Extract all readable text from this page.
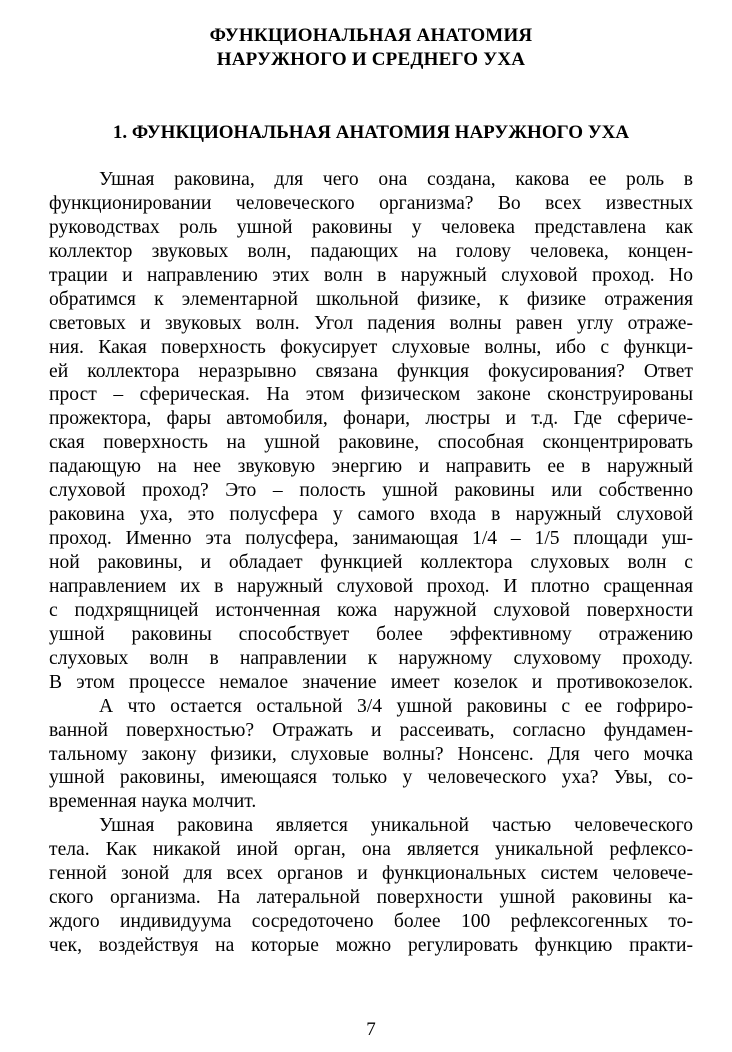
ФУНКЦИОНАЛЬНАЯ АНАТОМИЯ
НАРУЖНОГО И СРЕДНЕГО УХА
1. ФУНКЦИОНАЛЬНАЯ АНАТОМИЯ НАРУЖНОГО УХА
Ушная раковина, для чего она создана, какова ее роль в
функционировании человеческого организма? Во всех известных
руководствах роль ушной раковины у человека представлена как
коллектор звуковых волн, падающих на голову человека, концен-
трации и направлению этих волн в наружный слуховой проход. Но
обратимся к элементарной школьной физике, к физике отражения
световых и звуковых волн. Угол падения волны равен углу отраже-
ния. Какая поверхность фокусирует слуховые волны, ибо с функци-
ей коллектора неразрывно связана функция фокусирования? Ответ
прост – сферическая. На этом физическом законе сконструированы
прожектора, фары автомобиля, фонари, люстры и т.д. Где сфериче-
ская поверхность на ушной раковине, способная сконцентрировать
падающую на нее звуковую энергию и направить ее в наружный
слуховой проход? Это – полость ушной раковины или собственно
раковина уха, это полусфера у самого входа в наружный слуховой
проход. Именно эта полусфера, занимающая 1/4 – 1/5 площади уш-
ной раковины, и обладает функцией коллектора слуховых волн с
направлением их в наружный слуховой проход. И плотно сращенная
с подхрящницей истонченная кожа наружной слуховой поверхности
ушной раковины способствует более эффективному отражению
слуховых волн в направлении к наружному слуховому проходу.
В этом процессе немалое значение имеет козелок и противокозелок.
А что остается остальной 3/4 ушной раковины с ее гофриро-
ванной поверхностью? Отражать и рассеивать, согласно фундамен-
тальному закону физики, слуховые волны? Нонсенс. Для чего мочка
ушной раковины, имеющаяся только у человеческого уха? Увы, со-
временная наука молчит.
Ушная раковина является уникальной частью человеческого
тела. Как никакой иной орган, она является уникальной рефлексо-
генной зоной для всех органов и функциональных систем человече-
ского организма. На латеральной поверхности ушной раковины ка-
ждого индивидуума сосредоточено более 100 рефлексогенных то-
чек, воздействуя на которые можно регулировать функцию практи-
7
